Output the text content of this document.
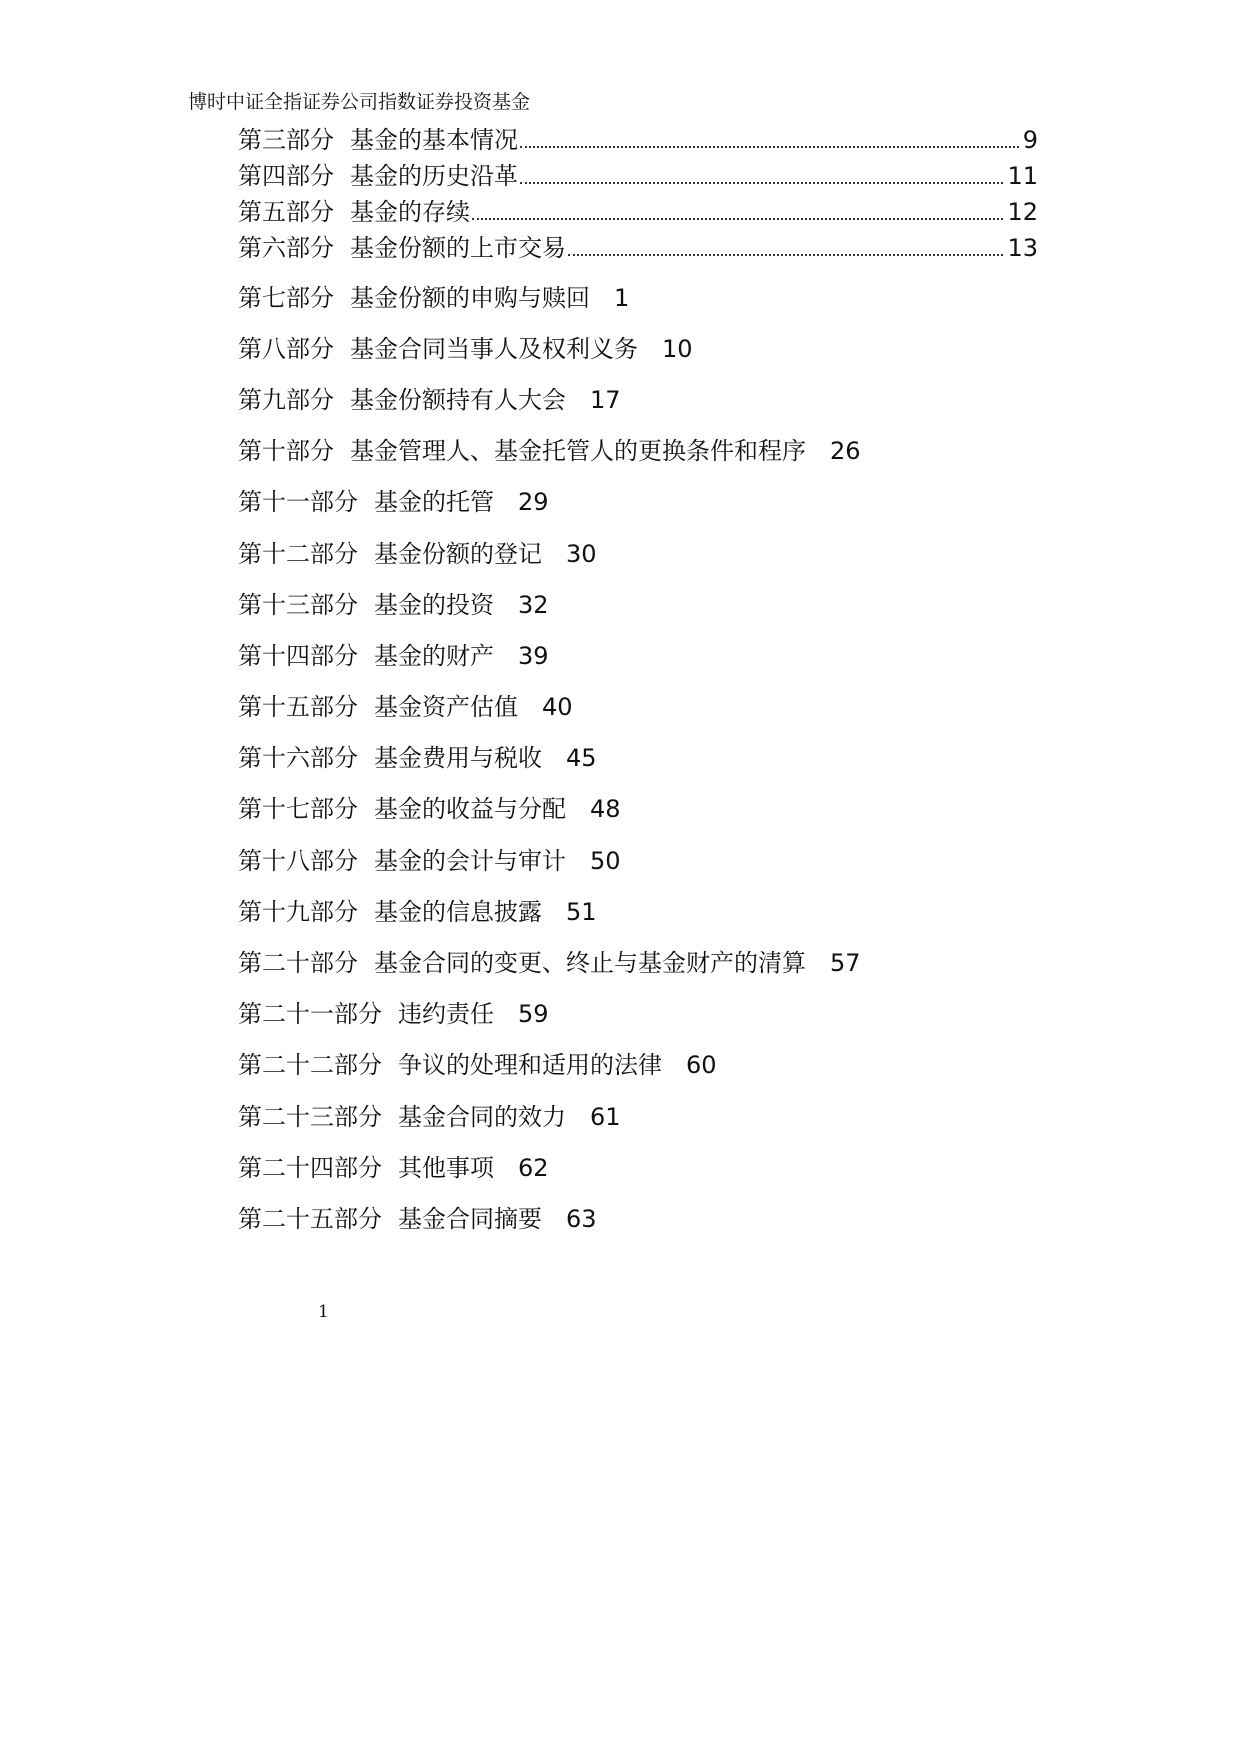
博时中证全指证券公司指数证券投资基金
第三部分 基金的基本情况	9
第四部分 基金的历史沿革	11
第五部分 基金的存续	12
第六部分 基金份额的上市交易	13
第七部分 基金份额的申购与赎回 1
第八部分 基金合同当事人及权利义务 10
第九部分 基金份额持有人大会 17
第十部分 基金管理人、基金托管人的更换条件和程序 26
第十一部分 基金的托管 29
第十二部分 基金份额的登记 30
第十三部分 基金的投资 32
第十四部分 基金的财产 39
第十五部分 基金资产估值 40
第十六部分 基金费用与税收 45
第十七部分 基金的收益与分配 48
第十八部分 基金的会计与审计 50
第十九部分 基金的信息披露 51
第二十部分 基金合同的变更、终止与基金财产的清算 57
第二十一部分 违约责任 59
第二十二部分 争议的处理和适用的法律 60
第二十三部分 基金合同的效力 61
第二十四部分 其他事项 62
第二十五部分 基金合同摘要 63
1
